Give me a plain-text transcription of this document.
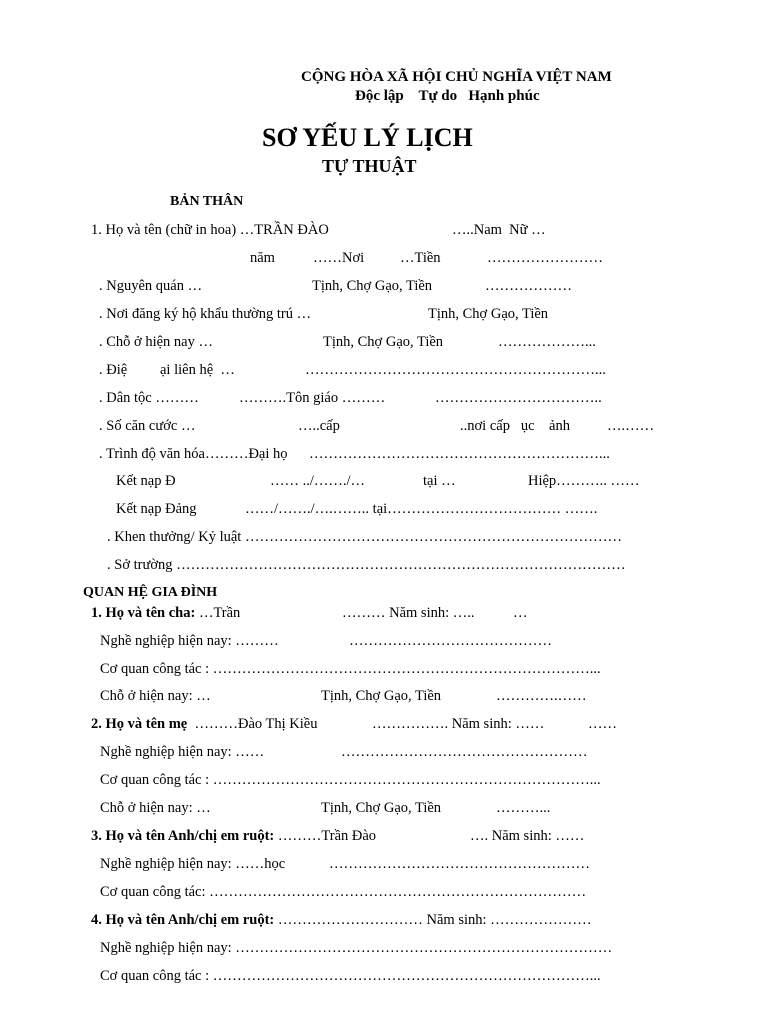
CỘNG HÒA XÃ HỘI CHỦ NGHĨA VIỆT NAM
Độc lập    Tự do   Hạnh phúc
SƠ YẾU LÝ LỊCH
TỰ THUẬT
BẢN THÂN
1. Họ và tên (chữ in hoa) …TRẦN ĐÀO	…..Nam  Nữ …
năm	……Nơi …Tiền	……………………
. Nguyên quán …	Tịnh, Chợ Gạo, Tiền	………………
. Nơi đăng ký hộ khẩu thường trú …	Tịnh, Chợ Gạo, Tiền
. Chỗ ở hiện nay …	Tịnh, Chợ Gạo, Tiền	………………...
. Điệ ại liên hệ  …	……………………………………………………...
. Dân tộc ………	……….Tôn giáo ………	……………………………..
. Số căn cước …	…..cấp	..nơi cấp   ục    ảnh	….……
. Trình độ văn hóa………Đại họ ……………………………………………………...
Kết nạp Đ	…… ../……./…	tại …	Hiệp……….. ……
Kết nạp Đảng	……/……./….…….. tại……………………………… …….
. Khen thưởng/ Kỷ luật ……………………………………………………………………
. Sở trường …………………………………………………………………………………
QUAN HỆ GIA ĐÌNH
1. Họ và tên cha: …Trần	……… Năm sinh: …..	…
Nghề nghiệp hiện nay: ………	……………………………………
Cơ quan công tác : ……………………………………………………………………...
Chỗ ở hiện nay: …	Tịnh, Chợ Gạo, Tiền	………….……
2. Họ và tên mẹ  ………Đào Thị Kiều	……………. Năm sinh: ……	……
Nghề nghiệp hiện nay: ……	……………………………………………
Cơ quan công tác : ……………………………………………………………………...
Chỗ ở hiện nay: …	Tịnh, Chợ Gạo, Tiền	………...
3. Họ và tên Anh/chị em ruột: ………Trần Đào	…. Năm sinh: ……
Nghề nghiệp hiện nay: ……học	………………………………………………
Cơ quan công tác: ……………………………………………………………………
4. Họ và tên Anh/chị em ruột: ………………………… Năm sinh: …………………
Nghề nghiệp hiện nay: ……………………………………………………………………
Cơ quan công tác : ……………………………………………………………………...
